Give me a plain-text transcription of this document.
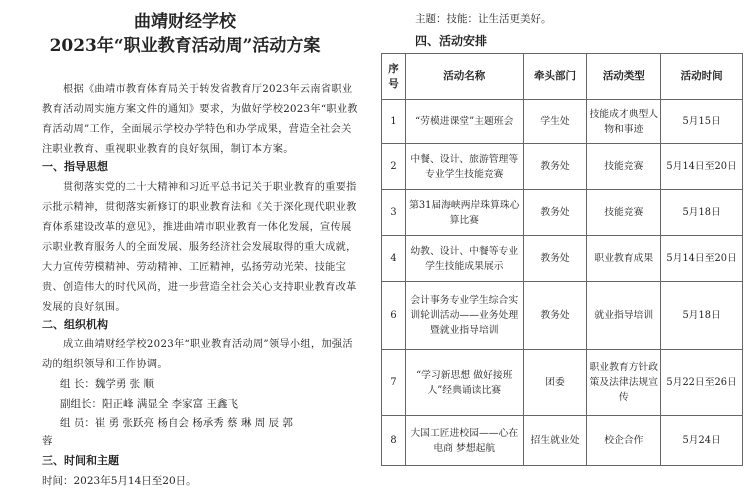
曲靖财经学校
2023年“职业教育活动周”活动方案
根据《曲靖市教育体育局关于转发省教育厅2023年云南省职业教育活动周实施方案文件的通知》要求，为做好学校2023年“职业教育活动周”工作，全面展示学校办学特色和办学成果，营造全社会关注职业教育、重视职业教育的良好氛围，制订本方案。
一、指导思想
贯彻落实党的二十大精神和习近平总书记关于职业教育的重要指示批示精神，贯彻落实新修订的职业教育法和《关于深化现代职业教育体系建设改革的意见》，推进曲靖市职业教育一体化发展，宣传展示职业教育服务人的全面发展、服务经济社会发展取得的重大成就，大力宣传劳模精神、劳动精神、工匠精神，弘扬劳动光荣、技能宝贵、创造伟大的时代风尚，进一步营造全社会关心支持职业教育改革发展的良好氛围。
二、组织机构
成立曲靖财经学校2023年“职业教育活动周”领导小组，加强活动的组织领导和工作协调。
组 长：魏学勇 张 顺
副组长：阳正峰 满显全 李家富 王鑫飞
组 员：崔 勇 张跃亮 杨自会 杨承秀 蔡 琳 周 辰 郭
蓉
三、时间和主题
时间：2023年5月14日至20日。
主题：技能：让生活更美好。
四、活动安排
序号	活动名称	牵头部门	活动类型	活动时间
1	“劳模进课堂”主题班会	学生处	技能成才典型人物和事迹	5月15日
2	中餐、设计、旅游管理等专业学生技能竞赛	教务处	技能竞赛	5月14日至20日
3	第31届海峡两岸珠算珠心算比赛	教务处	技能竞赛	5月18日
4	幼教、设计、中餐等专业学生技能成果展示	教务处	职业教育成果	5月14日至20日
6	会计事务专业学生综合实训轮训活动——业务处理暨就业指导培训	教务处	就业指导培训	5月18日
7	“学习新思想 做好接班人”经典诵读比赛	团委	职业教育方针政策及法律法规宣传	5月22日至26日
8	大国工匠进校园——心在电商 梦想起航	招生就业处	校企合作	5月24日
